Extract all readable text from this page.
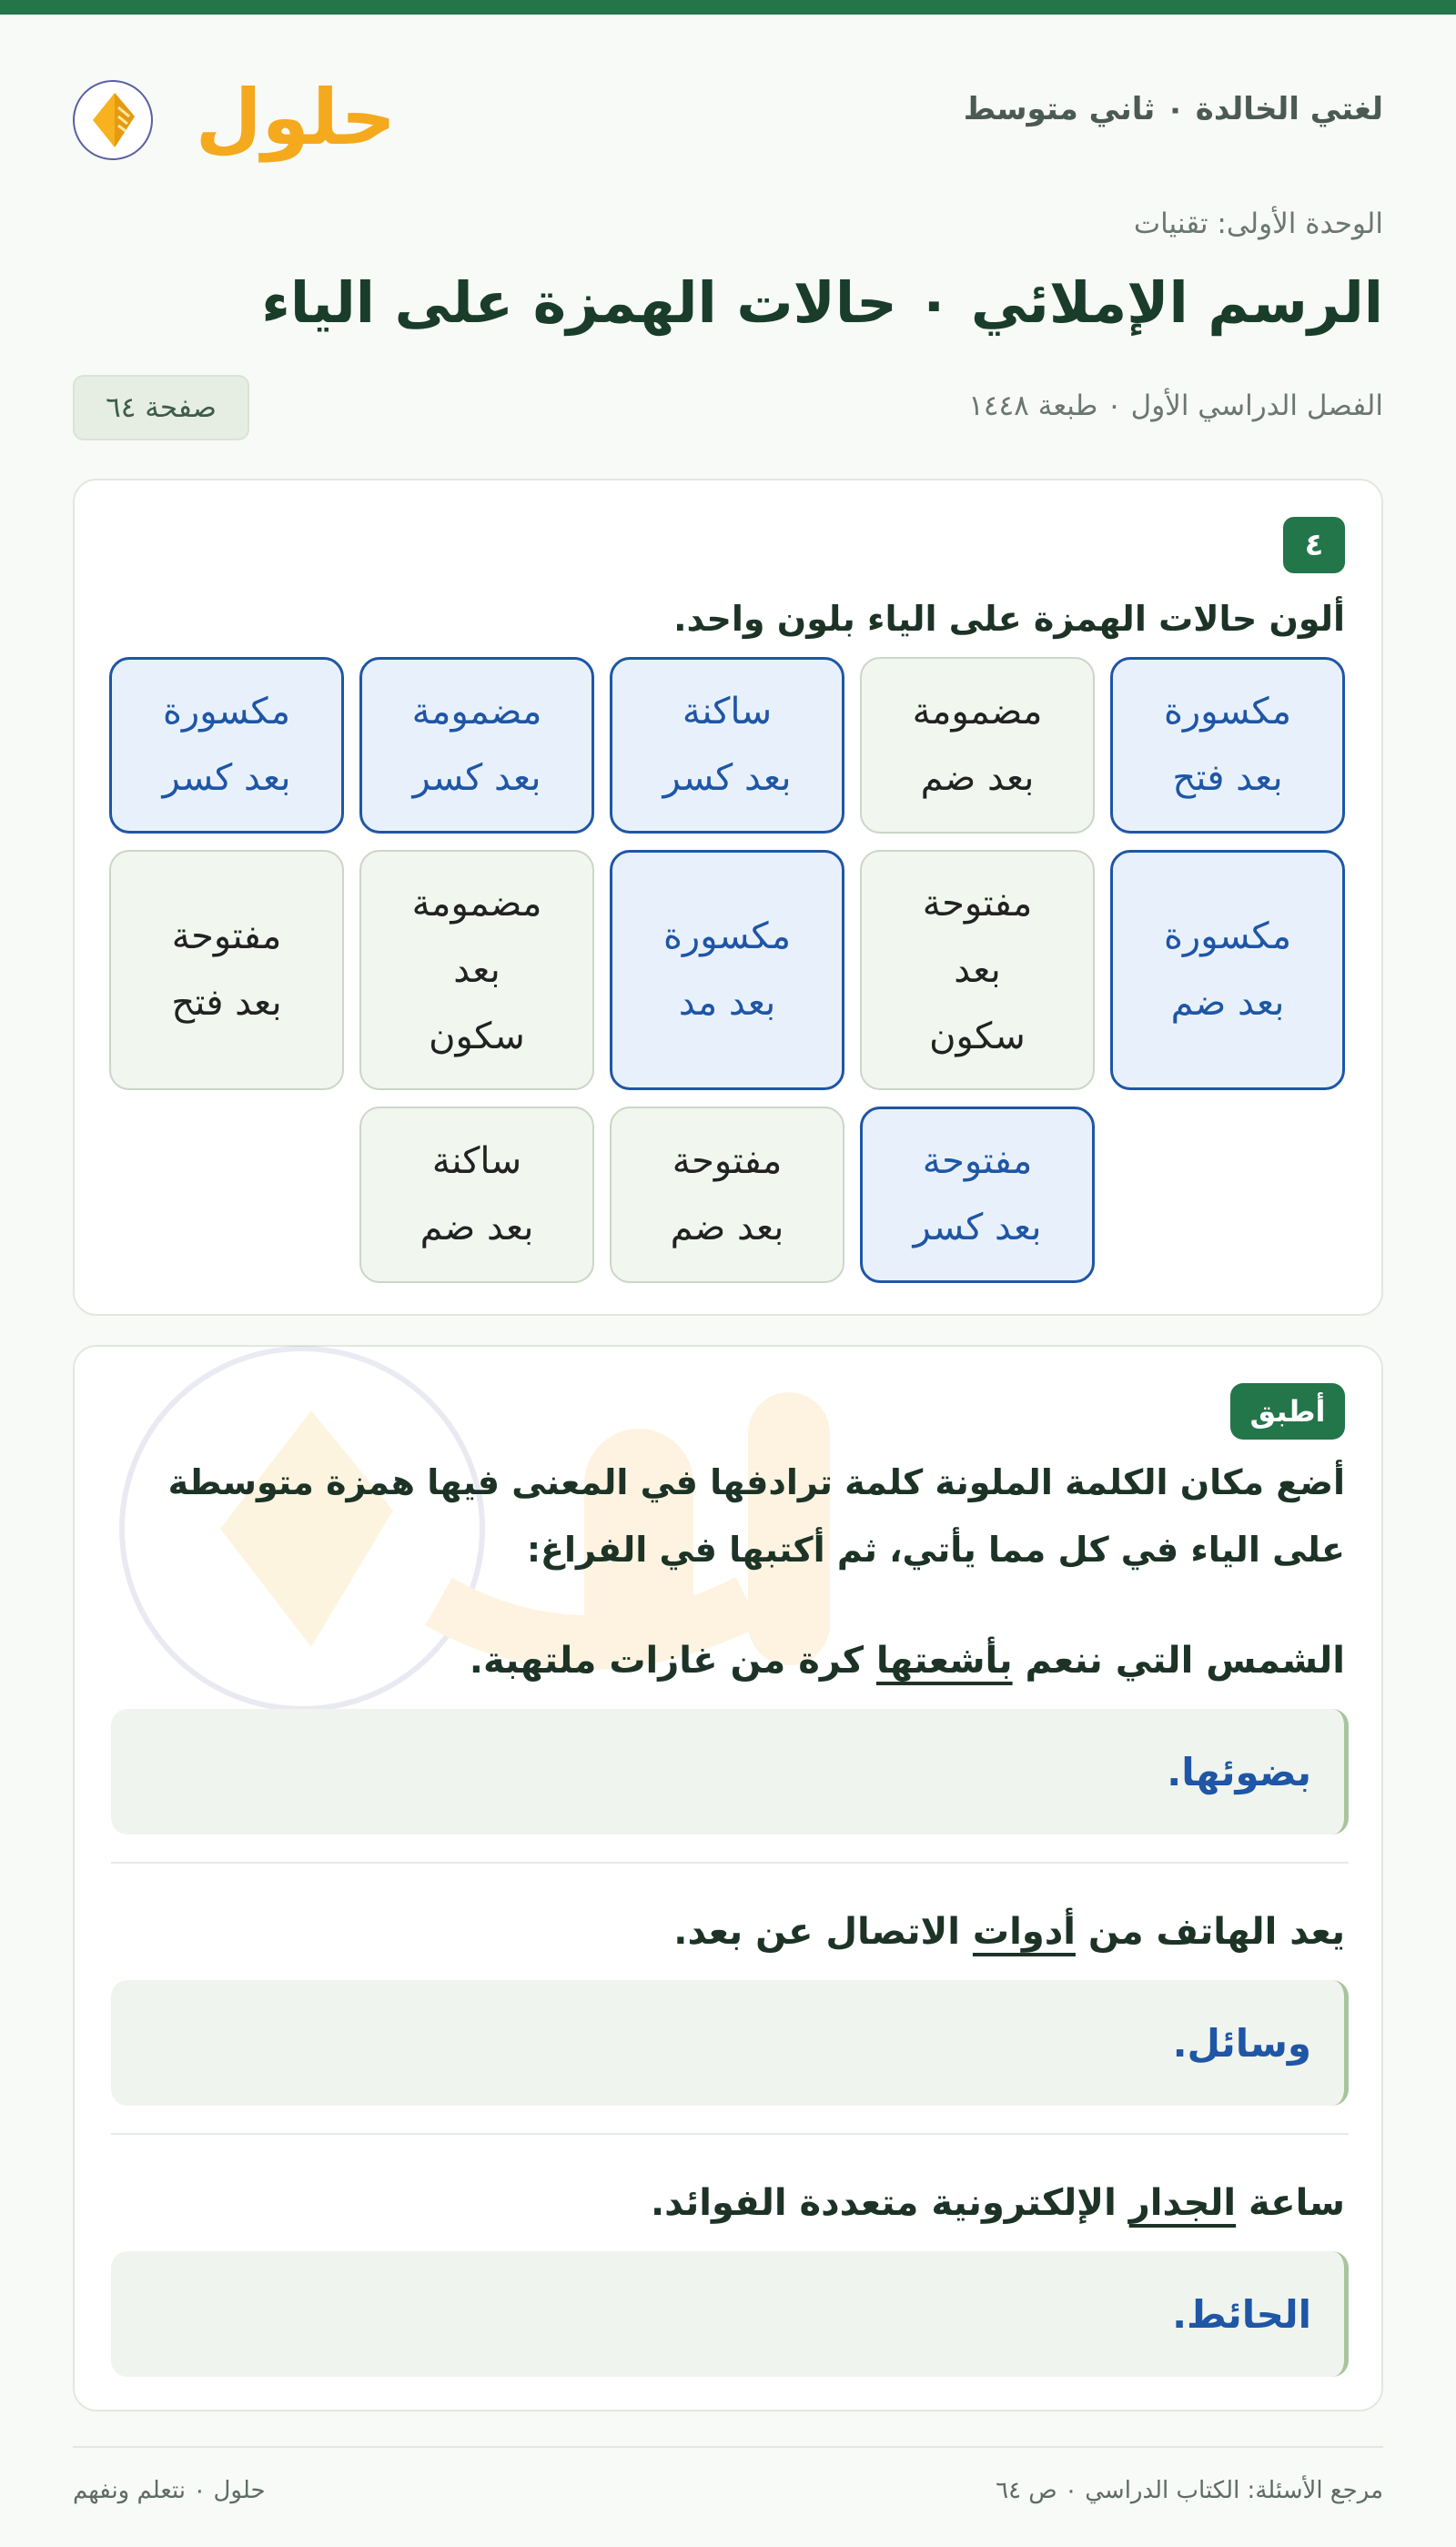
لغتي الخالدة ٠ ثاني متوسط
حلول
الوحدة الأولى: تقنيات
الرسم الإملائي ٠ حالات الهمزة على الياء
الفصل الدراسي الأول ٠ طبعة ١٤٤٨
صفحة ٦٤
٤
ألون حالات الهمزة على الياء بلون واحد.
مكسورة
بعد فتح
مضمومة
بعد ضم
ساكنة
بعد كسر
مضمومة
بعد كسر
مكسورة
بعد كسر
مكسورة
بعد ضم
مفتوحة
بعد
سكون
مكسورة
بعد مد
مضمومة
بعد
سكون
مفتوحة
بعد فتح
مفتوحة
بعد كسر
مفتوحة
بعد ضم
ساكنة
بعد ضم
أطبق
أضع مكان الكلمة الملونة كلمة ترادفها في المعنى فيها همزة متوسطة على الياء في كل مما يأتي، ثم أكتبها في الفراغ:
الشمس التي ننعم بأشعتها كرة من غازات ملتهبة.
بضوئها.
يعد الهاتف من أدوات الاتصال عن بعد.
وسائل.
ساعة الجدار الإلكترونية متعددة الفوائد.
الحائط.
مرجع الأسئلة: الكتاب الدراسي ٠ ص ٦٤
حلول ٠ نتعلم ونفهم
